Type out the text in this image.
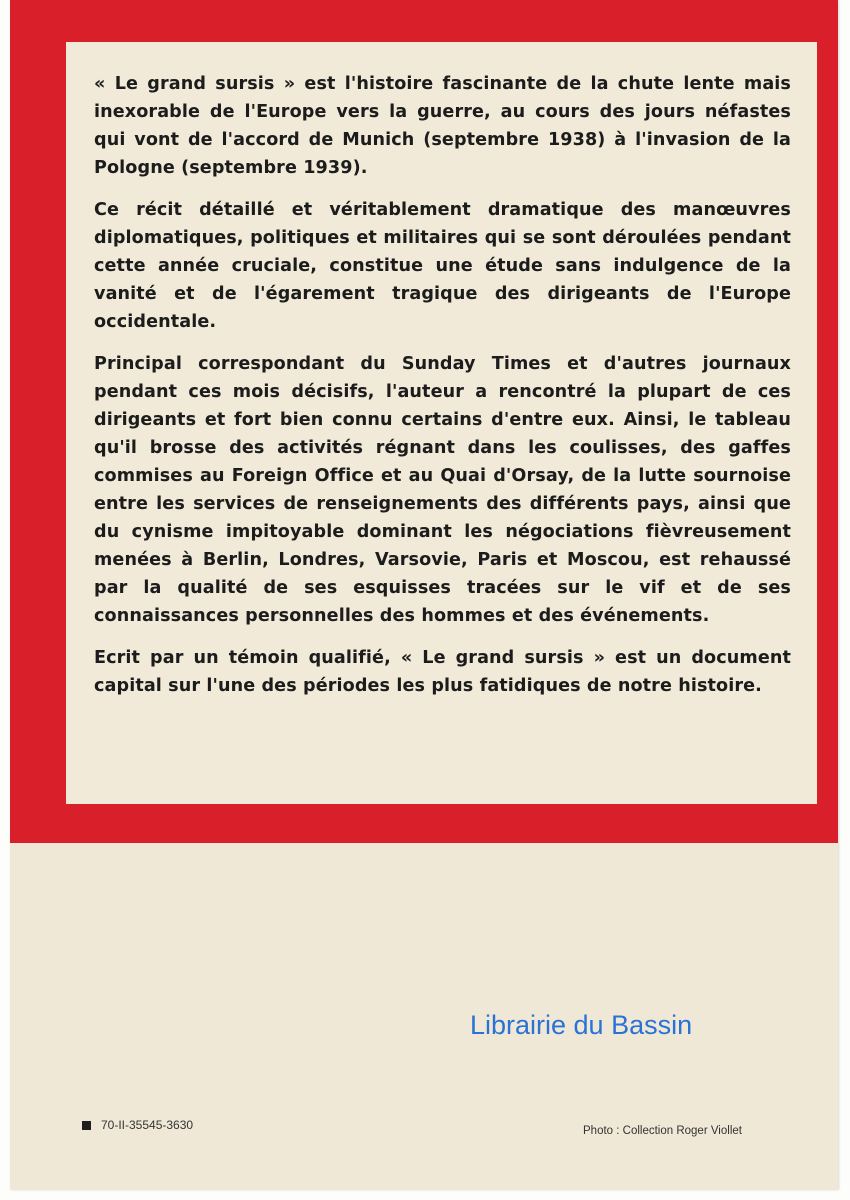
« Le grand sursis » est l'histoire fascinante de la chute lente mais inexorable de l'Europe vers la guerre, au cours des jours néfastes qui vont de l'accord de Munich (septembre 1938) à l'invasion de la Pologne (septembre 1939).

Ce récit détaillé et véritablement dramatique des manœuvres diplomatiques, politiques et militaires qui se sont déroulées pendant cette année cruciale, constitue une étude sans indulgence de la vanité et de l'égarement tragique des dirigeants de l'Europe occidentale.

Principal correspondant du Sunday Times et d'autres journaux pendant ces mois décisifs, l'auteur a rencontré la plupart de ces dirigeants et fort bien connu certains d'entre eux. Ainsi, le tableau qu'il brosse des activités régnant dans les coulisses, des gaffes commises au Foreign Office et au Quai d'Orsay, de la lutte sournoise entre les services de renseignements des différents pays, ainsi que du cynisme impitoyable dominant les négociations fièvreusement menées à Berlin, Londres, Varsovie, Paris et Moscou, est rehaussé par la qualité de ses esquisses tracées sur le vif et de ses connaissances personnelles des hommes et des événements.

Ecrit par un témoin qualifié, « Le grand sursis » est un document capital sur l'une des périodes les plus fatidiques de notre histoire.

Librairie du Bassin
70-II-35545-3630	Photo : Collection Roger Viollet
